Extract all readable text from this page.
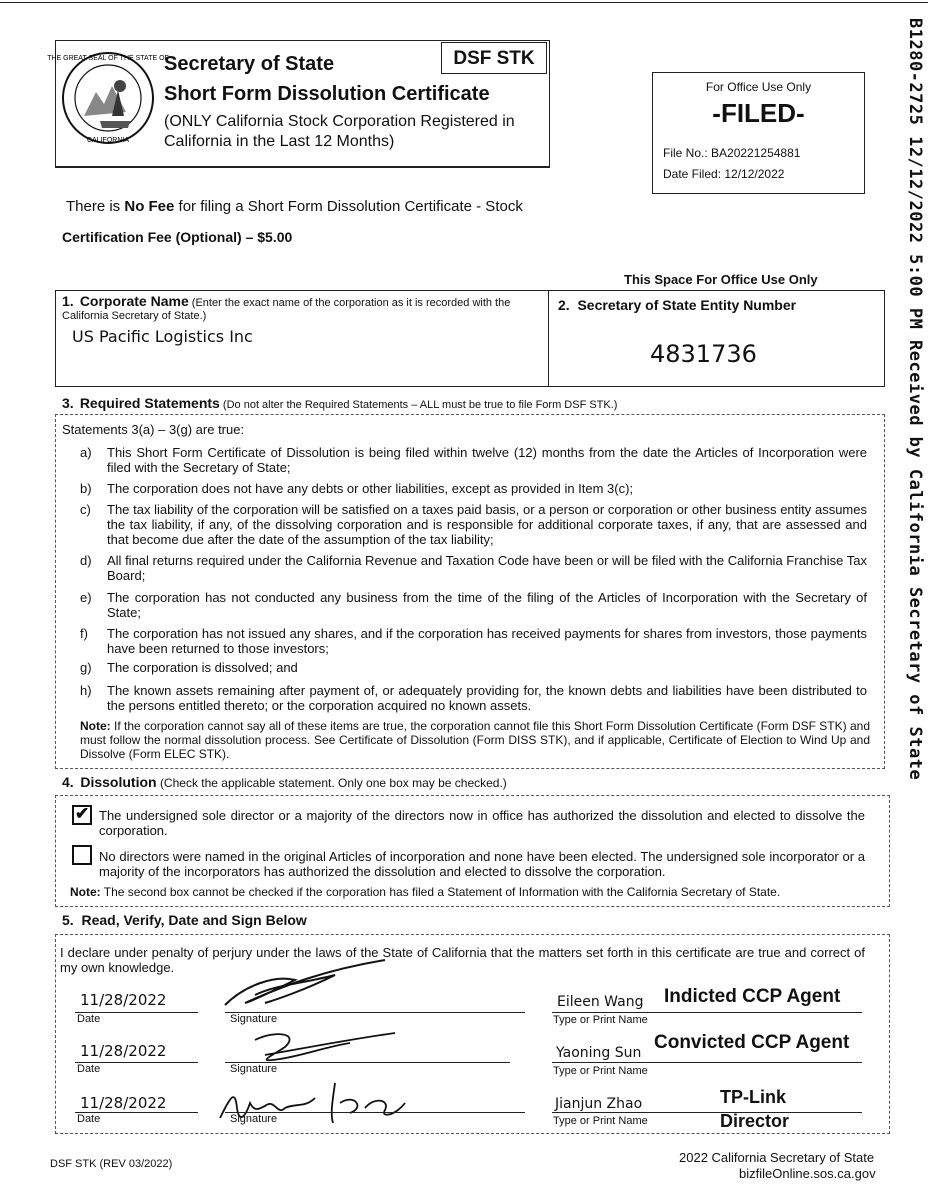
THE GREAT SEAL OF THE STATE OF
CALIFORNIA
Secretary of State	DSF STK
Short Form Dissolution Certificate
(ONLY California Stock Corporation Registered in California in the Last 12 Months)
For Office Use Only
-FILED-
File No.: BA20221254881
Date Filed: 12/12/2022
There is No Fee for filing a Short Form Dissolution Certificate - Stock
Certification Fee (Optional) – $5.00
This Space For Office Use Only
1. Corporate Name (Enter the exact name of the corporation as it is recorded with the California Secretary of State.)
US Pacific Logistics Inc
2. Secretary of State Entity Number
4831736
3. Required Statements (Do not alter the Required Statements – ALL must be true to file Form DSF STK.)
Statements 3(a) – 3(g) are true:
a)	This Short Form Certificate of Dissolution is being filed within twelve (12) months from the date the Articles of Incorporation were filed with the Secretary of State;
b)	The corporation does not have any debts or other liabilities, except as provided in Item 3(c);
c)	The tax liability of the corporation will be satisfied on a taxes paid basis, or a person or corporation or other business entity assumes the tax liability, if any, of the dissolving corporation and is responsible for additional corporate taxes, if any, that are assessed and that become due after the date of the assumption of the tax liability;
d)	All final returns required under the California Revenue and Taxation Code have been or will be filed with the California Franchise Tax Board;
e)	The corporation has not conducted any business from the time of the filing of the Articles of Incorporation with the Secretary of State;
f)	The corporation has not issued any shares, and if the corporation has received payments for shares from investors, those payments have been returned to those investors;
g)	The corporation is dissolved; and
h)	The known assets remaining after payment of, or adequately providing for, the known debts and liabilities have been distributed to the persons entitled thereto; or the corporation acquired no known assets.
Note: If the corporation cannot say all of these items are true, the corporation cannot file this Short Form Dissolution Certificate (Form DSF STK) and must follow the normal dissolution process. See Certificate of Dissolution (Form DISS STK), and if applicable, Certificate of Election to Wind Up and Dissolve (Form ELEC STK).
4. Dissolution (Check the applicable statement. Only one box may be checked.)
✔ The undersigned sole director or a majority of the directors now in office has authorized the dissolution and elected to dissolve the corporation.
No directors were named in the original Articles of incorporation and none have been elected. The undersigned sole incorporator or a majority of the incorporators has authorized the dissolution and elected to dissolve the corporation.
Note: The second box cannot be checked if the corporation has filed a Statement of Information with the California Secretary of State.
5. Read, Verify, Date and Sign Below
I declare under penalty of perjury under the laws of the State of California that the matters set forth in this certificate are true and correct of my own knowledge.
11/28/2022
Date	Signature
Eileen Wang Indicted CCP Agent
Type or Print Name
11/28/2022
Date	Signature
Yaoning Sun Convicted CCP Agent
Type or Print Name
11/28/2022
Date	Signature
Jianjun Zhao	TP-Link Director
Type or Print Name
DSF STK (REV 03/2022)	2022 California Secretary of State
bizfileOnline.sos.ca.gov
B1280-2725 12/12/2022 5:00 PM Received by California Secretary of State
